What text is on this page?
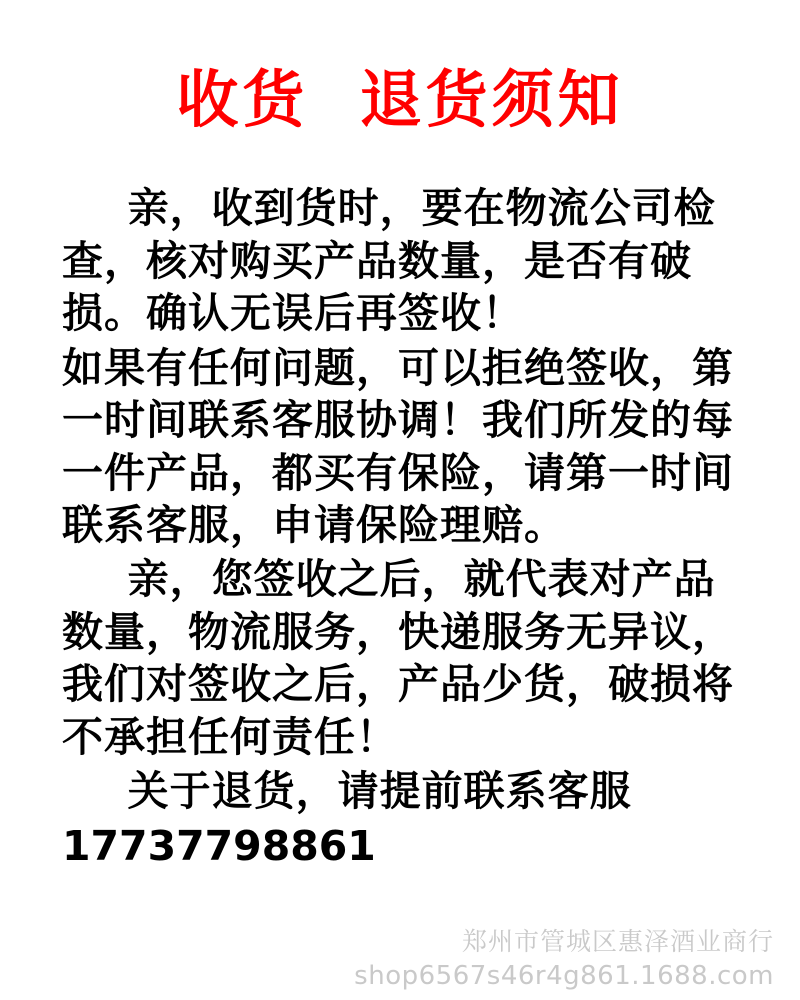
收货  退货须知

亲，收到货时，要在物流公司检查，核对购买产品数量，是否有破损。确认无误后再签收！

如果有任何问题，可以拒绝签收，第一时间联系客服协调！我们所发的每一件产品，都买有保险，请第一时间联系客服，申请保险理赔。

亲，您签收之后，就代表对产品数量，物流服务，快递服务无异议，我们对签收之后，产品少货，破损将不承担任何责任！

关于退货，请提前联系客服

17737798861

郑州市管城区惠泽酒业商行
shop6567s46r4g861.1688.com
